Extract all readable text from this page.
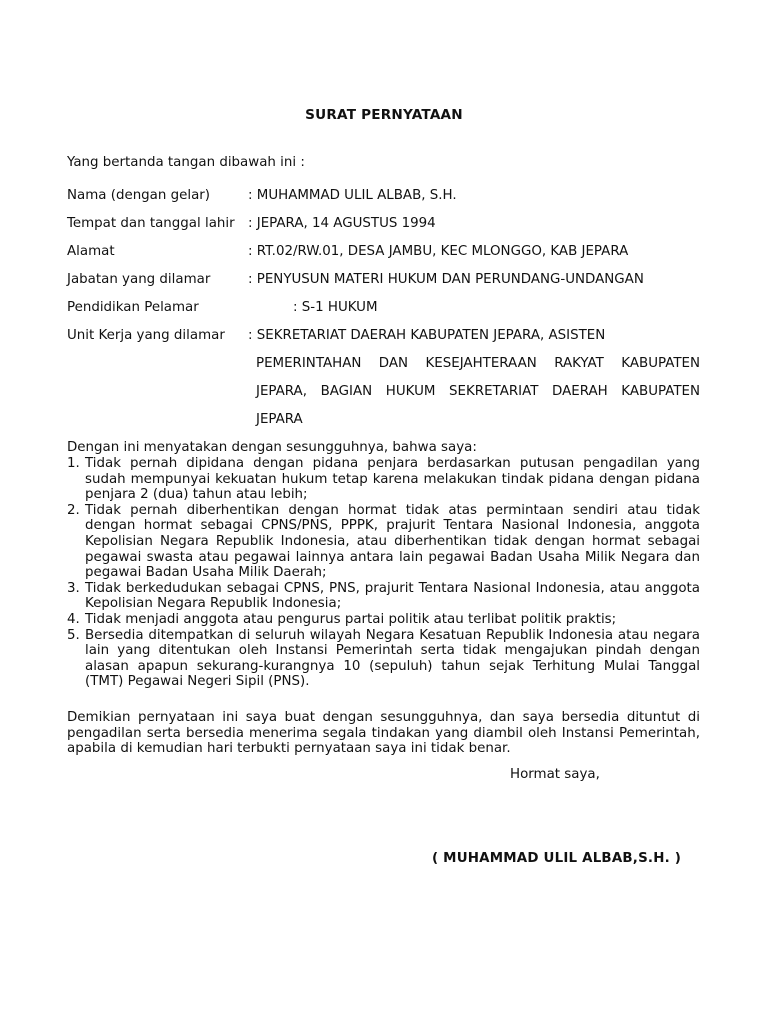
SURAT PERNYATAAN
Yang bertanda tangan dibawah ini :
Nama (dengan gelar)	: MUHAMMAD ULIL ALBAB, S.H.
Tempat dan tanggal lahir : JEPARA, 14 AGUSTUS 1994
Alamat	: RT.02/RW.01, DESA JAMBU, KEC MLONGGO, KAB JEPARA
Jabatan yang dilamar	: PENYUSUN MATERI HUKUM DAN PERUNDANG-UNDANGAN
Pendidikan Pelamar	: S-1 HUKUM
Unit Kerja yang dilamar : SEKRETARIAT DAERAH KABUPATEN JEPARA, ASISTEN
PEMERINTAHAN DAN KESEJAHTERAAN RAKYAT KABUPATEN
JEPARA, BAGIAN HUKUM SEKRETARIAT DAERAH KABUPATEN
JEPARA
Dengan ini menyatakan dengan sesungguhnya, bahwa saya:
1. Tidak pernah dipidana dengan pidana penjara berdasarkan putusan pengadilan yang sudah mempunyai kekuatan hukum tetap karena melakukan tindak pidana dengan pidana penjara 2 (dua) tahun atau lebih;
2. Tidak pernah diberhentikan dengan hormat tidak atas permintaan sendiri atau tidak dengan hormat sebagai CPNS/PNS, PPPK, prajurit Tentara Nasional Indonesia, anggota Kepolisian Negara Republik Indonesia, atau diberhentikan tidak dengan hormat sebagai pegawai swasta atau pegawai lainnya antara lain pegawai Badan Usaha Milik Negara dan pegawai Badan Usaha Milik Daerah;
3. Tidak berkedudukan sebagai CPNS, PNS, prajurit Tentara Nasional Indonesia, atau anggota Kepolisian Negara Republik Indonesia;
4. Tidak menjadi anggota atau pengurus partai politik atau terlibat politik praktis;
5. Bersedia ditempatkan di seluruh wilayah Negara Kesatuan Republik Indonesia atau negara lain yang ditentukan oleh Instansi Pemerintah serta tidak mengajukan pindah dengan alasan apapun sekurang-kurangnya 10 (sepuluh) tahun sejak Terhitung Mulai Tanggal (TMT) Pegawai Negeri Sipil (PNS).
Demikian pernyataan ini saya buat dengan sesungguhnya, dan saya bersedia dituntut di pengadilan serta bersedia menerima segala tindakan yang diambil oleh Instansi Pemerintah, apabila di kemudian hari terbukti pernyataan saya ini tidak benar.
Hormat saya,
( MUHAMMAD ULIL ALBAB,S.H. )
